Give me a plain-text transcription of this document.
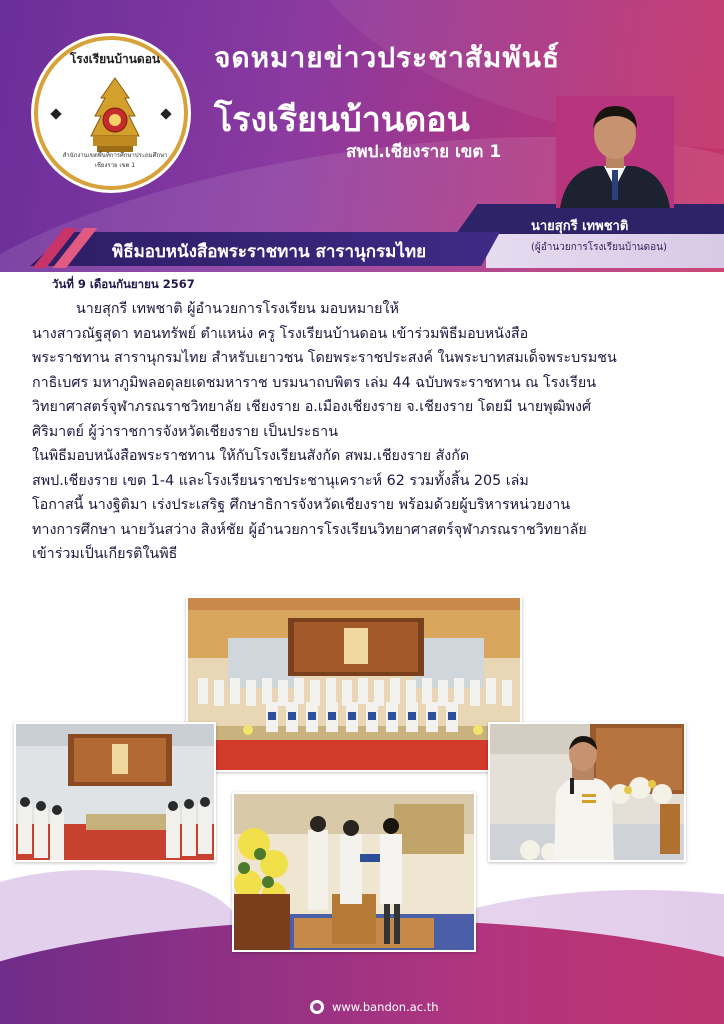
จดหมายข่าวประชาสัมพันธ์
โรงเรียนบ้านดอน
สพป.เชียงราย เขต 1
โรงเรียนบ้านดอน
สำนักงานเขตพื้นที่การศึกษาประถมศึกษาเชียงราย เขต 1
นายสุกรี เทพชาติ
(ผู้อำนวยการโรงเรียนบ้านดอน)
พิธีมอบหนังสือพระราชทาน สารานุกรมไทย
วันที่ 9 เดือนกันยายน 2567

นายสุกรี เทพชาติ ผู้อำนวยการโรงเรียน มอบหมายให้

นางสาวณัฐสุดา ทอนทรัพย์ ตำแหน่ง ครู โรงเรียนบ้านดอน เข้าร่วมพิธีมอบหนังสือ

พระราชทาน สารานุกรมไทย สำหรับเยาวชน โดยพระราชประสงค์ ในพระบาทสมเด็จพระบรมชน

กาธิเบศร มหาภูมิพลอดุลยเดชมหาราช บรมนาถบพิตร เล่ม 44 ฉบับพระราชทาน ณ โรงเรียน

วิทยาศาสตร์จุฬาภรณราชวิทยาลัย เชียงราย อ.เมืองเชียงราย จ.เชียงราย โดยมี นายพุฒิพงศ์

ศิริมาตย์ ผู้ว่าราชการจังหวัดเชียงราย เป็นประธาน

ในพิธีมอบหนังสือพระราชทาน ให้กับโรงเรียนสังกัด สพม.เชียงราย สังกัด

สพป.เชียงราย เขต 1-4 และโรงเรียนราชประชานุเคราะห์ 62 รวมทั้งสิ้น 205 เล่ม

โอกาสนี้ นางฐิติมา เร่งประเสริฐ ศึกษาธิการจังหวัดเชียงราย พร้อมด้วยผู้บริหารหน่วยงาน

ทางการศึกษา นายวันสว่าง สิงห์ชัย ผู้อำนวยการโรงเรียนวิทยาศาสตร์จุฬาภรณราชวิทยาลัย

เข้าร่วมเป็นเกียรติในพิธี

www.bandon.ac.th
